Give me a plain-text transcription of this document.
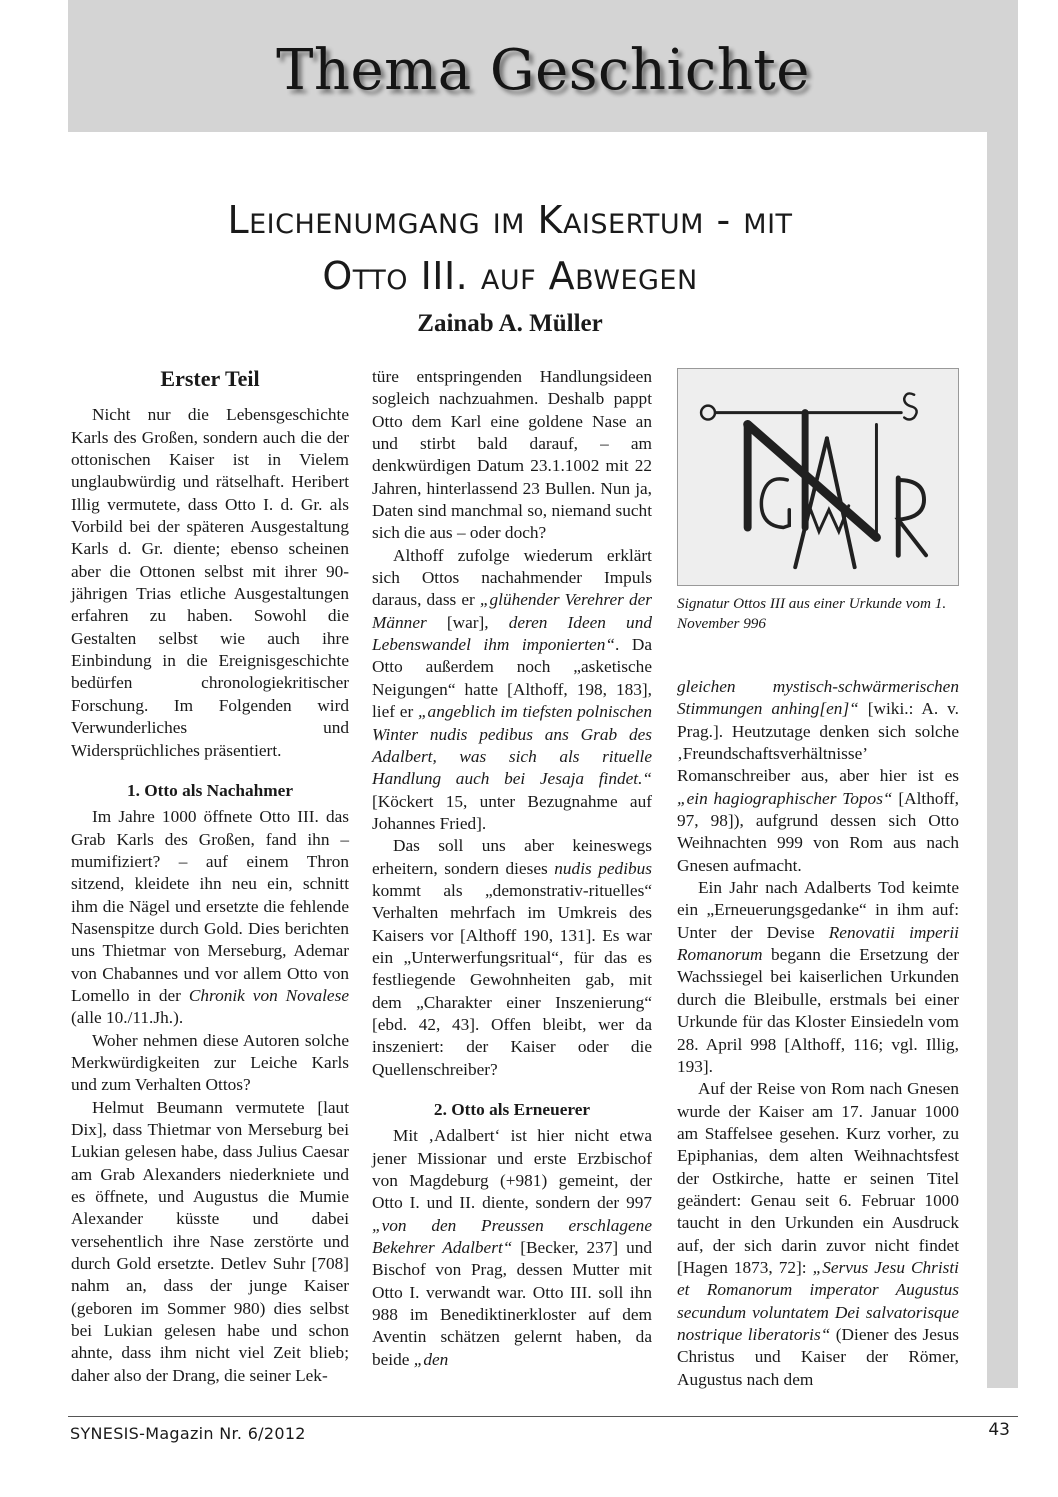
Thema Geschichte
Leichenumgang im Kaisertum - mit
Otto III. auf Abwegen
Zainab A. Müller
Erster Teil

Nicht nur die Lebensgeschichte Karls des Großen, sondern auch die der ottonischen Kaiser ist in Vielem unglaubwürdig und rätselhaft. Heribert Illig vermutete, dass Otto I. d. Gr. als Vorbild bei der späteren Ausgestaltung Karls d. Gr. diente; ebenso scheinen aber die Ottonen selbst mit ihrer 90-jährigen Trias etliche Ausgestaltungen erfahren zu haben. Sowohl die Gestalten selbst wie auch ihre Einbindung in die Ereignisgeschichte bedürfen chronologiekritischer Forschung. Im Folgenden wird Verwunderliches und Widersprüchliches präsentiert.

1. Otto als Nachahmer

Im Jahre 1000 öffnete Otto III. das Grab Karls des Großen, fand ihn – mumifiziert? – auf einem Thron sitzend, kleidete ihn neu ein, schnitt ihm die Nägel und ersetzte die fehlende Nasenspitze durch Gold. Dies berichten uns Thietmar von Merseburg, Ademar von Chabannes und vor allem Otto von Lomello in der Chronik von Novalese (alle 10./11.Jh.).

Woher nehmen diese Autoren solche Merkwürdigkeiten zur Leiche Karls und zum Verhalten Ottos?

Helmut Beumann vermutete [laut Dix], dass Thietmar von Merseburg bei Lukian gelesen habe, dass Julius Caesar am Grab Alexanders niederkniete und es öffnete, und Augustus die Mumie Alexander küsste und dabei versehentlich ihre Nase zerstörte und durch Gold ersetzte. Detlev Suhr [708] nahm an, dass der junge Kaiser (geboren im Sommer 980) dies selbst bei Lukian gelesen habe und schon ahnte, dass ihm nicht viel Zeit blieb; daher also der Drang, die seiner Lek-

türe entspringenden Handlungsideen sogleich nachzuahmen. Deshalb pappt Otto dem Karl eine goldene Nase an und stirbt bald darauf, – am denkwürdigen Datum 23.1.1002 mit 22 Jahren, hinterlassend 23 Bullen. Nun ja, Daten sind manchmal so, niemand sucht sich die aus – oder doch?

Althoff zufolge wiederum erklärt sich Ottos nachahmender Impuls daraus, dass er „glühender Verehrer der Männer [war], deren Ideen und Lebenswandel ihm imponierten“. Da Otto außerdem noch „asketische Neigungen“ hatte [Althoff, 198, 183], lief er „angeblich im tiefsten polnischen Winter nudis pedibus ans Grab des Adalbert, was sich als rituelle Handlung auch bei Jesaja findet.“ [Köckert 15, unter Bezugnahme auf Johannes Fried].

Das soll uns aber keineswegs erheitern, sondern dieses nudis pedibus kommt als „demonstrativ-rituelles“ Verhalten mehrfach im Umkreis des Kaisers vor [Althoff 190, 131]. Es war ein „Unterwerfungsritual“, für das es festliegende Gewohnheiten gab, mit dem „Charakter einer Inszenierung“ [ebd. 42, 43]. Offen bleibt, wer da inszeniert: der Kaiser oder die Quellenschreiber?

2. Otto als Erneuerer

Mit ‚Adalbert‘ ist hier nicht etwa jener Missionar und erste Erzbischof von Magdeburg (+981) gemeint, der Otto I. und II. diente, sondern der 997 „von den Preussen erschlagene Bekehrer Adalbert“ [Becker, 237] und Bischof von Prag, dessen Mutter mit Otto I. verwandt war. Otto III. soll ihn 988 im Benediktinerkloster auf dem Aventin schätzen gelernt haben, da beide „den

Signatur Ottos III aus einer Urkunde vom 1. November 996

gleichen mystisch-schwärmerischen Stimmungen anhing[en]“ [wiki.: A. v. Prag.]. Heutzutage denken sich solche ‚Freundschaftsverhältnisse’ Romanschreiber aus, aber hier ist es „ein hagiographischer Topos“ [Althoff, 97, 98]), aufgrund dessen sich Otto Weihnachten 999 von Rom aus nach Gnesen aufmacht.

Ein Jahr nach Adalberts Tod keimte ein „Erneuerungsgedanke“ in ihm auf: Unter der Devise Renovatii imperii Romanorum begann die Ersetzung der Wachssiegel bei kaiserlichen Urkunden durch die Bleibulle, erstmals bei einer Urkunde für das Kloster Einsiedeln vom 28. April 998 [Althoff, 116; vgl. Illig, 193].

Auf der Reise von Rom nach Gnesen wurde der Kaiser am 17. Januar 1000 am Staffelsee gesehen. Kurz vorher, zu Epiphanias, dem alten Weihnachtsfest der Ostkirche, hatte er seinen Titel geändert: Genau seit 6. Februar 1000 taucht in den Urkunden ein Ausdruck auf, der sich darin zuvor nicht findet [Hagen 1873, 72]: „Servus Jesu Christi et Romanorum imperator Augustus secundum voluntatem Dei salvatorisque nostrique liberatoris“ (Diener des Jesus Christus und Kaiser der Römer, Augustus nach dem

SYNESIS-Magazin Nr. 6/2012	43
